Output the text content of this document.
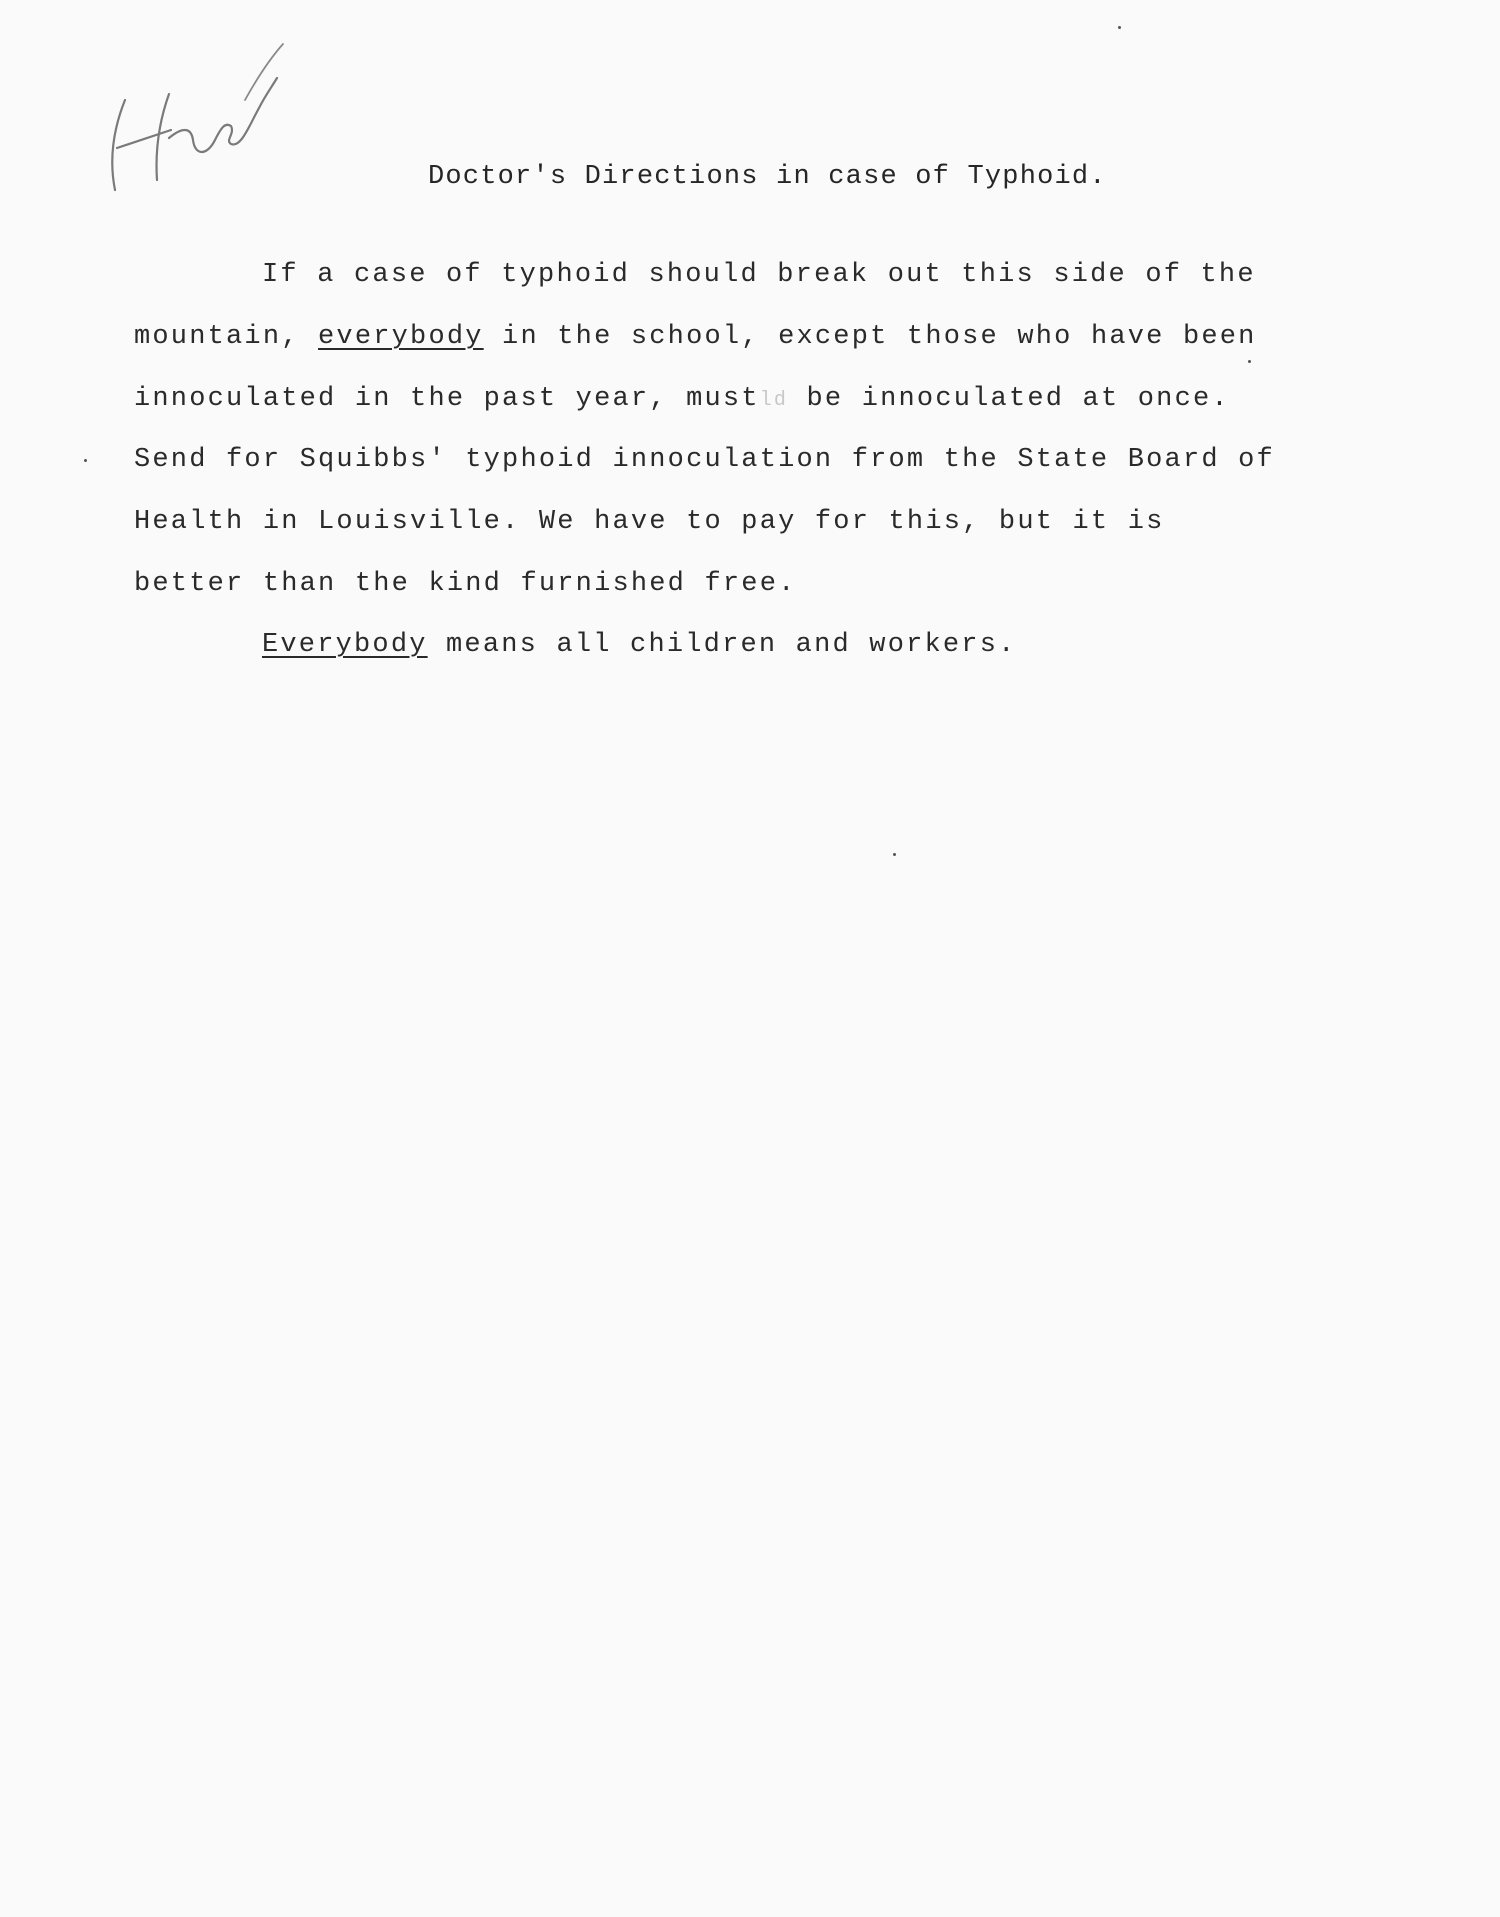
Doctor's Directions in case of Typhoid.
If a case of typhoid should break out this side of the
mountain, everybody in the school, except those who have been
innoculated in the past year, mustld be innoculated at once.
Send for Squibbs' typhoid innoculation from the State Board of
Health in Louisville. We have to pay for this, but it is
better than the kind furnished free.
Everybody means all children and workers.
